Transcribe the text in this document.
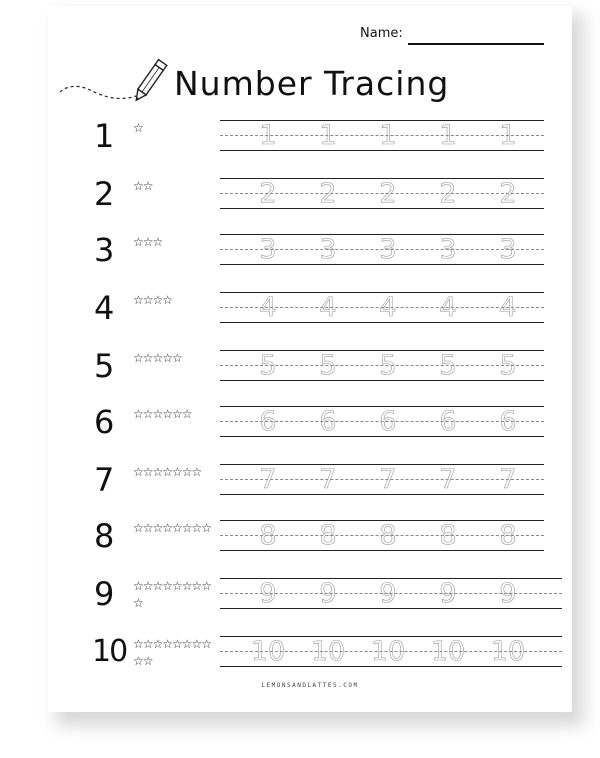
Name:
Number Tracing
1	☆	1	1	1	1	1
2	☆☆	2	2	2	2	2
3	☆☆☆	3	3	3	3	3
4	☆☆☆☆	4	4	4	4	4
5	☆☆☆☆☆	5	5	5	5	5
6	☆☆☆☆☆☆	6	6	6	6	6
7	☆☆☆☆☆☆☆	7	7	7	7	7
8	☆☆☆☆☆☆☆☆	8	8	8	8	8
9	☆☆☆☆☆☆☆☆☆	9	9	9	9	9
10 ☆☆☆☆☆☆☆☆☆☆	10 10 10 10 10
LEMONSANDLATTES.COM
